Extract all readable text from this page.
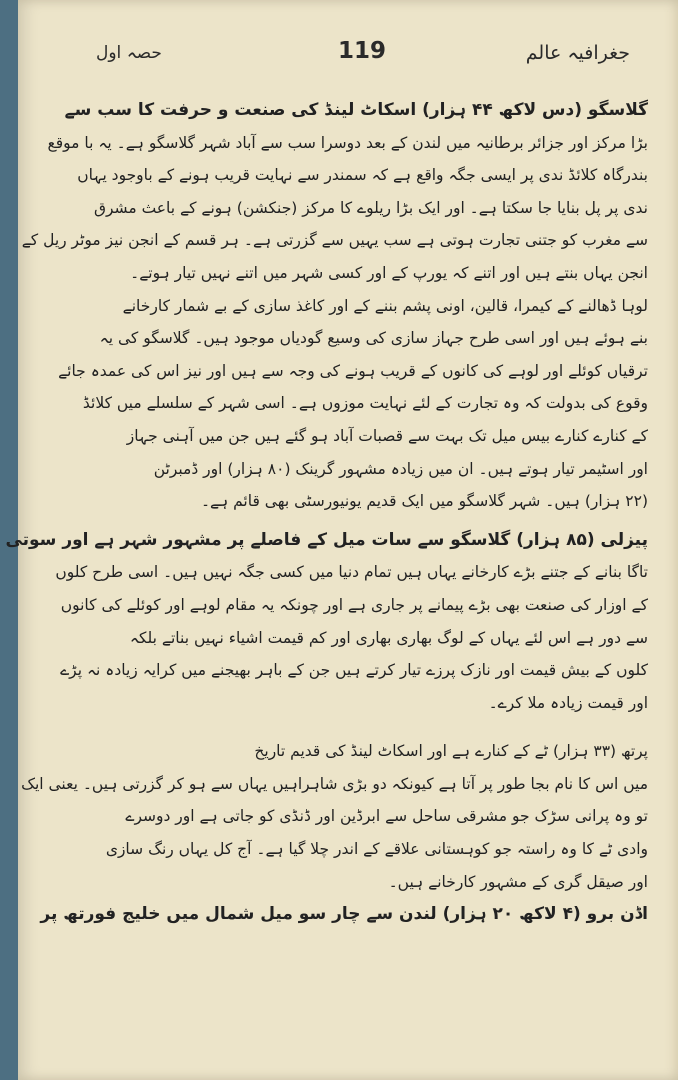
جغرافیہ عالم
119
حصہ اول
گلاسگو (دس لاکھ ۴۴ ہزار) اسکاٹ لینڈ کی صنعت و حرفت کا سب سے
بڑا مرکز اور جزائر برطانیہ میں لندن کے بعد دوسرا سب سے آباد شہر گلاسگو ہے۔ یہ با موقع
بندرگاہ کلائڈ ندی پر ایسی جگہ واقع ہے کہ سمندر سے نہایت قریب ہونے کے باوجود یہاں
ندی پر پل بنایا جا سکتا ہے۔ اور ایک بڑا ریلوے کا مرکز (جنکشن) ہونے کے باعث مشرق
سے مغرب کو جتنی تجارت ہوتی ہے سب یہیں سے گزرتی ہے۔ ہر قسم کے انجن نیز موٹر ریل کے
انجن یہاں بنتے ہیں اور اتنے کہ یورپ کے اور کسی شہر میں اتنے نہیں تیار ہوتے۔
لوہا ڈھالنے کے کیمرا، قالین، اونی پشم بننے کے اور کاغذ سازی کے بے شمار کارخانے
بنے ہوئے ہیں اور اسی طرح جہاز سازی کی وسیع گودیاں موجود ہیں۔ گلاسگو کی یہ
ترقیاں کوئلے اور لوہے کی کانوں کے قریب ہونے کی وجہ سے ہیں اور نیز اس کی عمدہ جائے
وقوع کی بدولت کہ وہ تجارت کے لئے نہایت موزوں ہے۔ اسی شہر کے سلسلے میں کلائڈ
کے کنارے کنارے بیس میل تک بہت سے قصبات آباد ہو گئے ہیں جن میں آہنی جہاز
اور اسٹیمر تیار ہوتے ہیں۔ ان میں زیادہ مشہور گرینک (۸۰ ہزار) اور ڈمبرٹن
(۲۲ ہزار) ہیں۔ شہر گلاسگو میں ایک قدیم یونیورسٹی بھی قائم ہے۔
پیزلی (۸۵ ہزار) گلاسگو سے سات میل کے فاصلے پر مشہور شہر ہے اور سوتی
تاگا بنانے کے جتنے بڑے کارخانے یہاں ہیں تمام دنیا میں کسی جگہ نہیں ہیں۔ اسی طرح کلوں
کے اوزار کی صنعت بھی بڑے پیمانے پر جاری ہے اور چونکہ یہ مقام لوہے اور کوئلے کی کانوں
سے دور ہے اس لئے یہاں کے لوگ بھاری بھاری اور کم قیمت اشیاء نہیں بناتے بلکہ
کلوں کے بیش قیمت اور نازک پرزے تیار کرتے ہیں جن کے باہر بھیجنے میں کرایہ زیادہ نہ پڑے
اور قیمت زیادہ ملا کرے۔
پرتھ (۳۳ ہزار) ٹے کے کنارے ہے اور اسکاٹ لینڈ کی قدیم تاریخ
میں اس کا نام بجا طور پر آتا ہے کیونکہ دو بڑی شاہراہیں یہاں سے ہو کر گزرتی ہیں۔ یعنی ایک
تو وہ پرانی سڑک جو مشرقی ساحل سے ابرڈین اور ڈنڈی کو جاتی ہے اور دوسرے
وادی ٹے کا وہ راستہ جو کوہستانی علاقے کے اندر چلا گیا ہے۔ آج کل یہاں رنگ سازی
اور صیقل گری کے مشہور کارخانے ہیں۔
اڈن برو (۴ لاکھ ۲۰ ہزار) لندن سے چار سو میل شمال میں خلیج فورتھ پر
